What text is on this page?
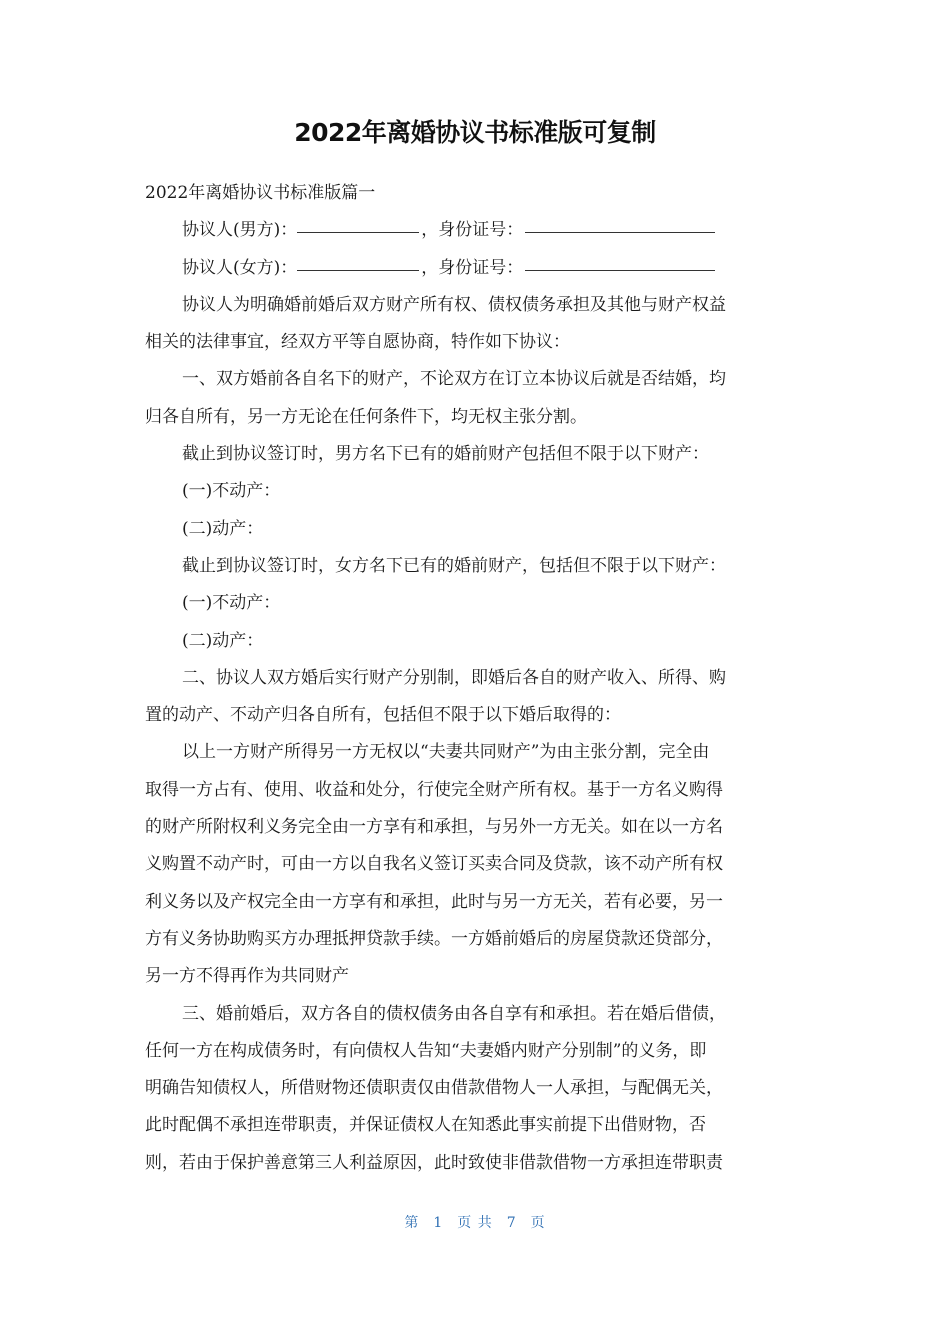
2022年离婚协议书标准版可复制

2022年离婚协议书标准版篇一

协议人(男方)：	，身份证号：

协议人(女方)：	，身份证号：

协议人为明确婚前婚后双方财产所有权、债权债务承担及其他与财产权益

相关的法律事宜，经双方平等自愿协商，特作如下协议：

一、双方婚前各自名下的财产，不论双方在订立本协议后就是否结婚，均

归各自所有，另一方无论在任何条件下，均无权主张分割。

截止到协议签订时，男方名下已有的婚前财产包括但不限于以下财产：

(一)不动产：

(二)动产：

截止到协议签订时，女方名下已有的婚前财产，包括但不限于以下财产：

(一)不动产：

(二)动产：

二、协议人双方婚后实行财产分别制，即婚后各自的财产收入、所得、购

置的动产、不动产归各自所有，包括但不限于以下婚后取得的：

以上一方财产所得另一方无权以“夫妻共同财产”为由主张分割，完全由

取得一方占有、使用、收益和处分，行使完全财产所有权。基于一方名义购得

的财产所附权利义务完全由一方享有和承担，与另外一方无关。如在以一方名

义购置不动产时，可由一方以自我名义签订买卖合同及贷款，该不动产所有权

利义务以及产权完全由一方享有和承担，此时与另一方无关，若有必要，另一

方有义务协助购买方办理抵押贷款手续。一方婚前婚后的房屋贷款还贷部分，

另一方不得再作为共同财产

三、婚前婚后，双方各自的债权债务由各自享有和承担。若在婚后借债，

任何一方在构成债务时，有向债权人告知“夫妻婚内财产分别制”的义务，即

明确告知债权人，所借财物还债职责仅由借款借物人一人承担，与配偶无关，

此时配偶不承担连带职责，并保证债权人在知悉此事实前提下出借财物，否

则，若由于保护善意第三人利益原因，此时致使非借款借物一方承担连带职责

第 1 页 共 7 页
